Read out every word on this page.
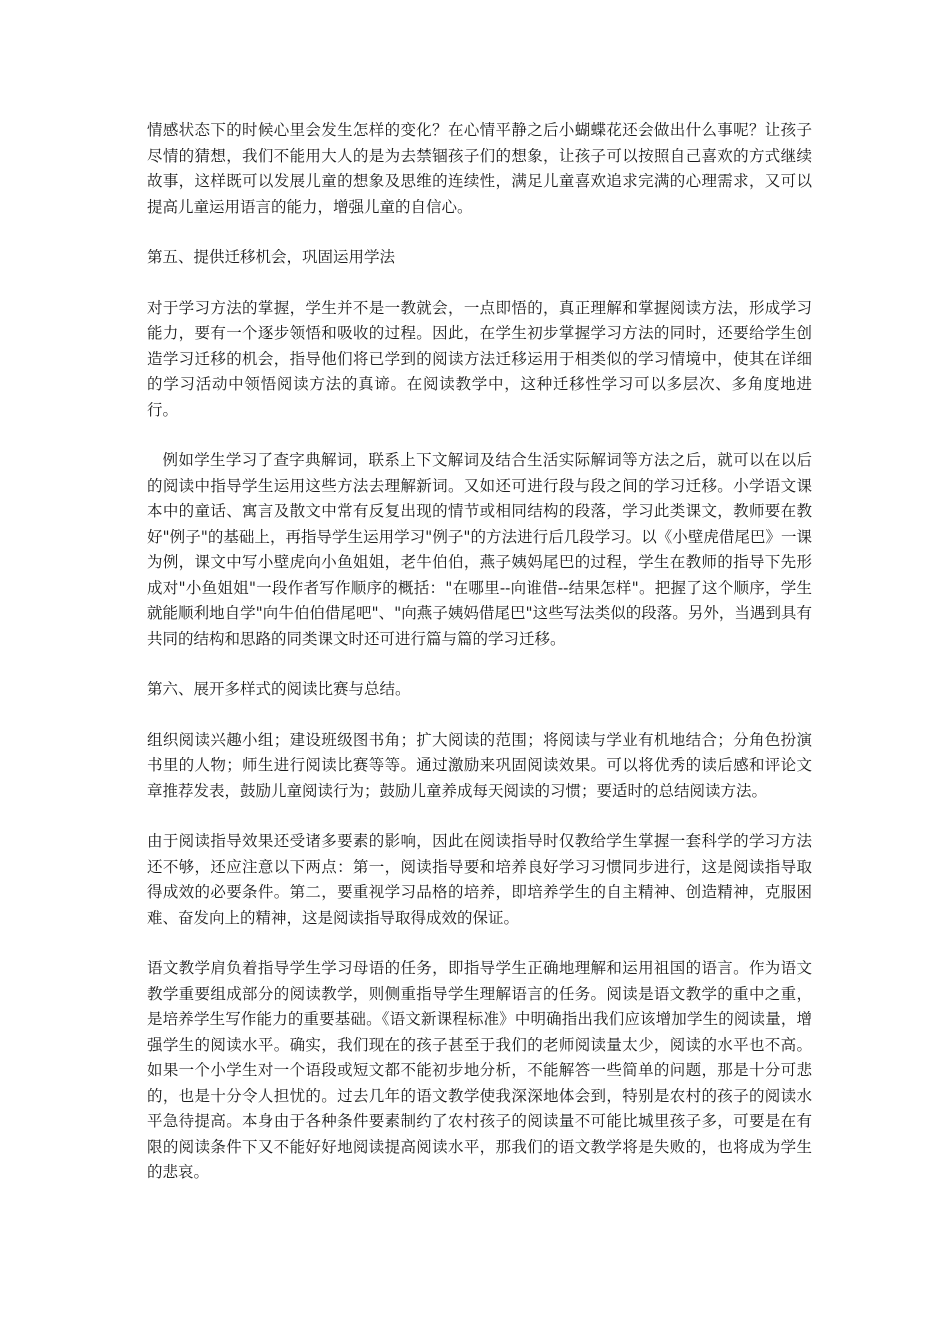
情感状态下的时候心里会发生怎样的变化？在心情平静之后小蝴蝶花还会做出什么事呢？让孩子尽情的猜想，我们不能用大人的是为去禁锢孩子们的想象，让孩子可以按照自己喜欢的方式继续故事，这样既可以发展儿童的想象及思维的连续性，满足儿童喜欢追求完满的心理需求，又可以提高儿童运用语言的能力，增强儿童的自信心。

第五、提供迁移机会，巩固运用学法

对于学习方法的掌握，学生并不是一教就会，一点即悟的，真正理解和掌握阅读方法，形成学习能力，要有一个逐步领悟和吸收的过程。因此，在学生初步掌握学习方法的同时，还要给学生创造学习迁移的机会，指导他们将已学到的阅读方法迁移运用于相类似的学习情境中，使其在详细的学习活动中领悟阅读方法的真谛。在阅读教学中，这种迁移性学习可以多层次、多角度地进行。

例如学生学习了查字典解词，联系上下文解词及结合生活实际解词等方法之后，就可以在以后的阅读中指导学生运用这些方法去理解新词。又如还可进行段与段之间的学习迁移。小学语文课本中的童话、寓言及散文中常有反复出现的情节或相同结构的段落，学习此类课文，教师要在教好"例子"的基础上，再指导学生运用学习"例子"的方法进行后几段学习。以《小壁虎借尾巴》一课为例，课文中写小壁虎向小鱼姐姐，老牛伯伯，燕子姨妈尾巴的过程，学生在教师的指导下先形成对"小鱼姐姐"一段作者写作顺序的概括："在哪里--向谁借--结果怎样"。把握了这个顺序，学生就能顺利地自学"向牛伯伯借尾吧"、"向燕子姨妈借尾巴"这些写法类似的段落。另外，当遇到具有共同的结构和思路的同类课文时还可进行篇与篇的学习迁移。

第六、展开多样式的阅读比赛与总结。

组织阅读兴趣小组；建设班级图书角；扩大阅读的范围；将阅读与学业有机地结合；分角色扮演书里的人物；师生进行阅读比赛等等。通过激励来巩固阅读效果。可以将优秀的读后感和评论文章推荐发表，鼓励儿童阅读行为；鼓励儿童养成每天阅读的习惯；要适时的总结阅读方法。

由于阅读指导效果还受诸多要素的影响，因此在阅读指导时仅教给学生掌握一套科学的学习方法还不够，还应注意以下两点：第一，阅读指导要和培养良好学习习惯同步进行，这是阅读指导取得成效的必要条件。第二，要重视学习品格的培养，即培养学生的自主精神、创造精神，克服困难、奋发向上的精神，这是阅读指导取得成效的保证。

语文教学肩负着指导学生学习母语的任务，即指导学生正确地理解和运用祖国的语言。作为语文教学重要组成部分的阅读教学，则侧重指导学生理解语言的任务。阅读是语文教学的重中之重，是培养学生写作能力的重要基础。《语文新课程标准》中明确指出我们应该增加学生的阅读量，增强学生的阅读水平。确实，我们现在的孩子甚至于我们的老师阅读量太少，阅读的水平也不高。如果一个小学生对一个语段或短文都不能初步地分析，不能解答一些简单的问题，那是十分可悲的，也是十分令人担忧的。过去几年的语文教学使我深深地体会到，特别是农村的孩子的阅读水平急待提高。本身由于各种条件要素制约了农村孩子的阅读量不可能比城里孩子多，可要是在有限的阅读条件下又不能好好地阅读提高阅读水平，那我们的语文教学将是失败的，也将成为学生的悲哀。
